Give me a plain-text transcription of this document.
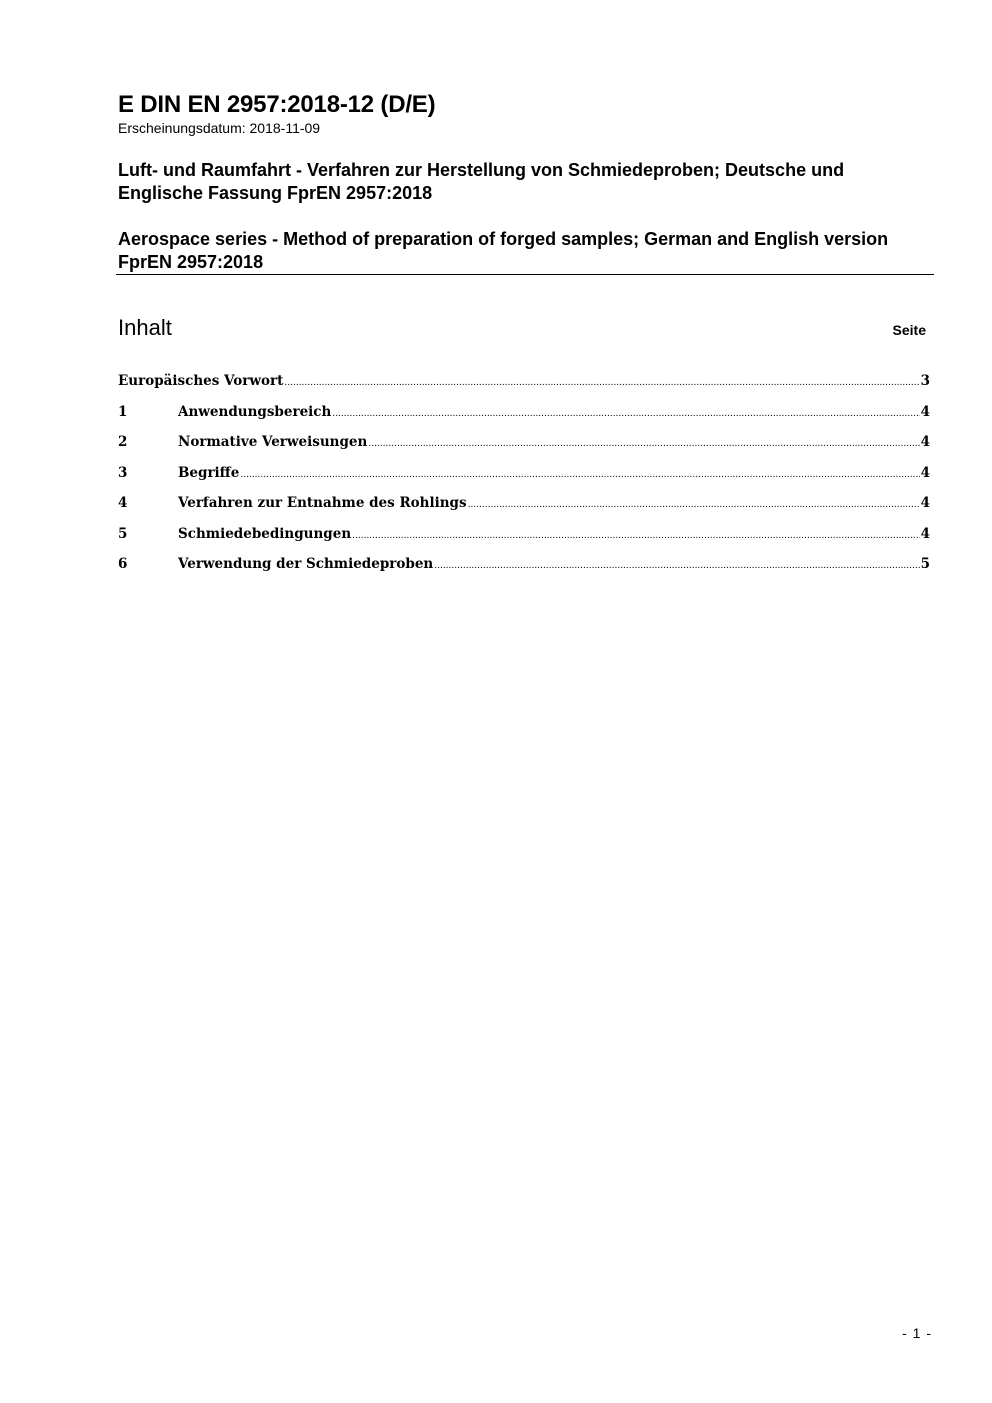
E DIN EN 2957:2018-12 (D/E)

Erscheinungsdatum: 2018-11-09

Luft- und Raumfahrt - Verfahren zur Herstellung von Schmiedeproben; Deutsche und Englische Fassung FprEN 2957:2018

Aerospace series - Method of preparation of forged samples; German and English version FprEN 2957:2018

Inhalt	Seite
Europäisches Vorwort .....	3
1	Anwendungsbereich .....	4
2	Normative Verweisungen .....	4
3	Begriffe .....	4
4	Verfahren zur Entnahme des Rohlings .....	4
5	Schmiedebedingungen .....	4
6	Verwendung der Schmiedeproben .....	5
- 1 -
